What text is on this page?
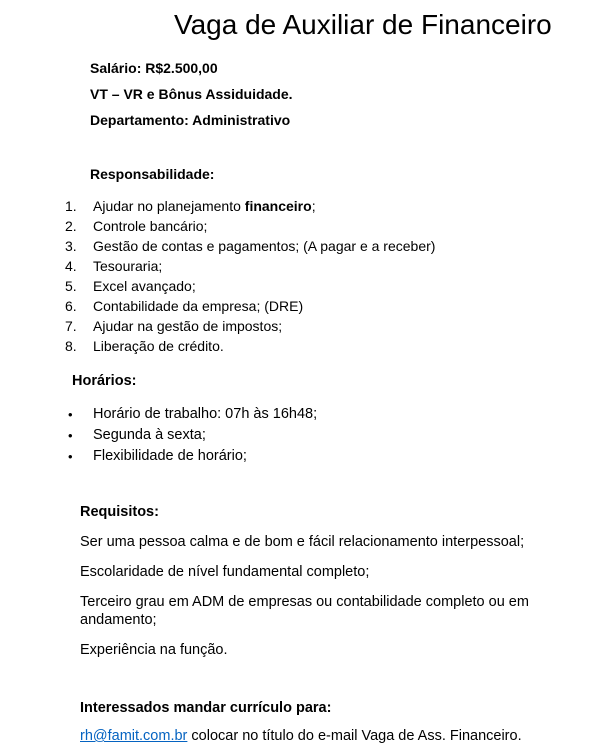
Vaga de Auxiliar de Financeiro

Salário: R$2.500,00

VT – VR e Bônus Assiduidade.

Departamento: Administrativo

Responsabilidade:
1.	Ajudar no planejamento financeiro;
2.	Controle bancário;
3.	Gestão de contas e pagamentos; (A pagar e a receber)
4.	Tesouraria;
5.	Excel avançado;
6.	Contabilidade da empresa; (DRE)
7.	Ajudar na gestão de impostos;
8.	Liberação de crédito.
Horários:
•	Horário de trabalho: 07h às 16h48;
•	Segunda à sexta;
•	Flexibilidade de horário;
Requisitos:

Ser uma pessoa calma e de bom e fácil relacionamento interpessoal;

Escolaridade de nível fundamental completo;

Terceiro grau em ADM de empresas ou contabilidade completo ou em andamento;

Experiência na função.

Interessados mandar currículo para:

rh@famit.com.br colocar no título do e-mail Vaga de Ass. Financeiro.
